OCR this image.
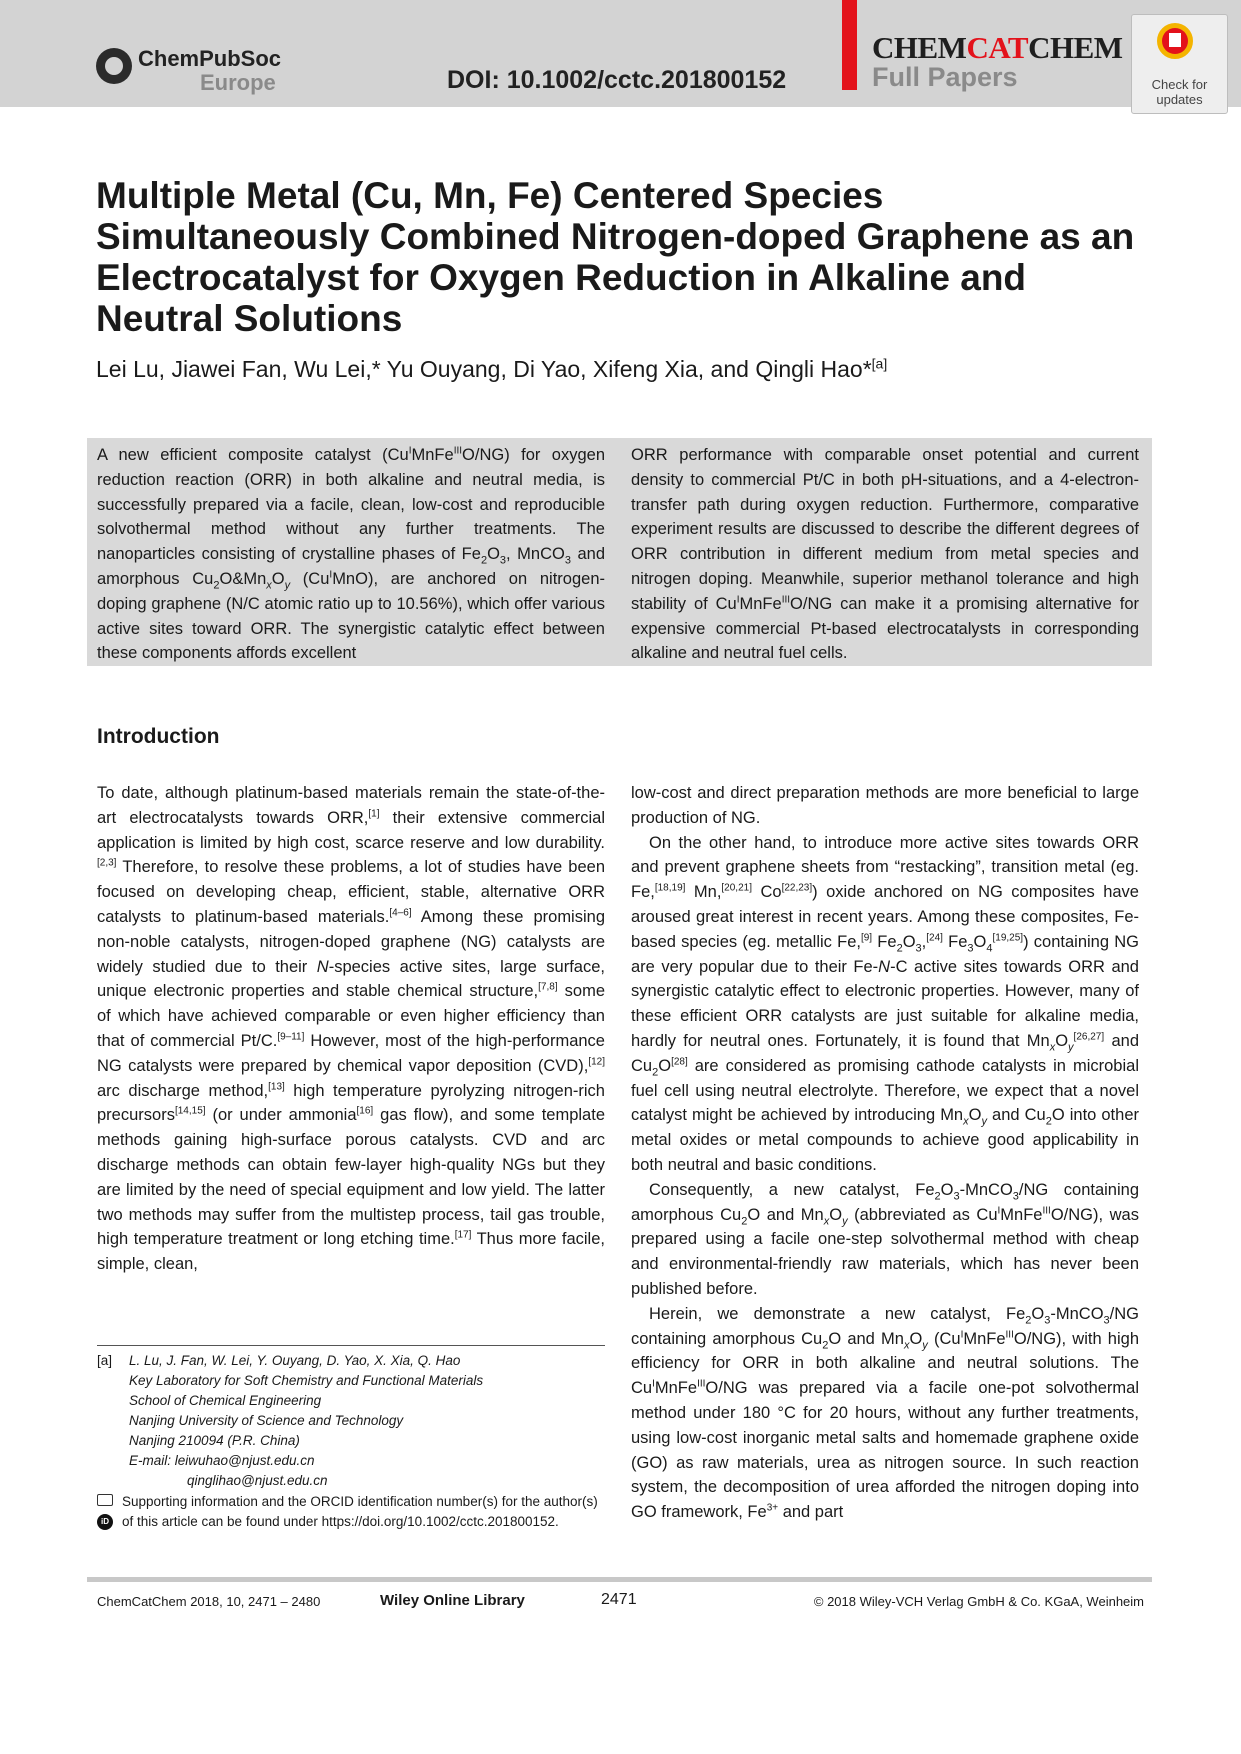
ChemPubSoc
Europe	DOI: 10.1002/cctc.201800152
CHEMCATCHEM
Full Papers	Check for updates
Multiple Metal (Cu, Mn, Fe) Centered Species Simultaneously Combined Nitrogen-doped Graphene as an Electrocatalyst for Oxygen Reduction in Alkaline and Neutral Solutions
Lei Lu, Jiawei Fan, Wu Lei,* Yu Ouyang, Di Yao, Xifeng Xia, and Qingli Hao*[a]

A new efficient composite catalyst $(Cu^IMnFe^{III}O/NG)$ for oxygen reduction reaction (ORR) in both alkaline and neutral media, is successfully prepared via a facile, clean, low-cost and reproducible solvothermal method without any further treatments. The nanoparticles consisting of crystalline phases of $Fe_2O_3$, MnCO$_3$ and amorphous $Cu_2O\&Mn_xO_y$ $(Cu^IMnO)$, are anchored on nitrogen-doping graphene (N/C atomic ratio up to 10.56%), which offer various active sites toward ORR. The synergistic catalytic effect between these components affords excellent

ORR performance with comparable onset potential and current density to commercial Pt/C in both pH-situations, and a 4-electron-transfer path during oxygen reduction. Furthermore, comparative experiment results are discussed to describe the different degrees of ORR contribution in different medium from metal species and nitrogen doping. Meanwhile, superior methanol tolerance and high stability of $Cu^IMnFe^{III}O/NG$ can make it a promising alternative for expensive commercial Pt-based electrocatalysts in corresponding alkaline and neutral fuel cells.

Introduction

To date, although platinum-based materials remain the state-of-the-art electrocatalysts towards ORR,[1] their extensive commercial application is limited by high cost, scarce reserve and low durability.[2,3] Therefore, to resolve these problems, a lot of studies have been focused on developing cheap, efficient, stable, alternative ORR catalysts to platinum-based materials.[4–6] Among these promising non-noble catalysts, nitrogen-doped graphene (NG) catalysts are widely studied due to their N-species active sites, large surface, unique electronic properties and stable chemical structure,[7,8] some of which have achieved comparable or even higher efficiency than that of commercial Pt/C.[9–11] However, most of the high-performance NG catalysts were prepared by chemical vapor deposition (CVD),[12] arc discharge method,[13] high temperature pyrolyzing nitrogen-rich precursors[14,15] (or under ammonia[16] gas flow), and some template methods gaining high-surface porous catalysts. CVD and arc discharge methods can obtain few-layer high-quality NGs but they are limited by the need of special equipment and low yield. The latter two methods may suffer from the multistep process, tail gas trouble, high temperature treatment or long etching time.[17] Thus more facile, simple, clean,

low-cost and direct preparation methods are more beneficial to large production of NG.

On the other hand, to introduce more active sites towards ORR and prevent graphene sheets from “restacking”, transition metal (eg. Fe,[18,19] Mn,[20,21] Co[22,23]) oxide anchored on NG composites have aroused great interest in recent years. Among these composites, Fe-based species (eg. metallic Fe,[9] $Fe_2O_3,[24]$ $Fe_3O_4[19,25]$) containing NG are very popular due to their Fe-N-C active sites towards ORR and synergistic catalytic effect to electronic properties. However, many of these efficient ORR catalysts are just suitable for alkaline media, hardly for neutral ones. Fortunately, it is found that $Mn_xO_y[26,27]$ and $Cu_2O[28]$ are considered as promising cathode catalysts in microbial fuel cell using neutral electrolyte. Therefore, we expect that a novel catalyst might be achieved by introducing $Mn_xO_y$ and $Cu_2O$ into other metal oxides or metal compounds to achieve good applicability in both neutral and basic conditions.

Consequently, a new catalyst, $Fe_2O_3-MnCO_3/NG$ containing amorphous $Cu_2O$ and $Mn_xO_y$ (abbreviated as $Cu^IMnFe^{III}O/NG$), was prepared using a facile one-step solvothermal method with cheap and environmental-friendly raw materials, which has never been published before.

Herein, we demonstrate a new catalyst, $Fe_2O_3-MnCO_3/NG$ containing amorphous $Cu_2O$ and $Mn_xO_y$ $(Cu^IMnFe^{III}O/NG)$, with high efficiency for ORR in both alkaline and neutral solutions. The $Cu^IMnFe^{III}O/NG$ was prepared via a facile one-pot solvothermal method under 180 °C for 20 hours, without any further treatments, using low-cost inorganic metal salts and homemade graphene oxide (GO) as raw materials, urea as nitrogen source. In such reaction system, the decomposition of urea afforded the nitrogen doping into GO framework, $Fe^{3+}$ and part

[a] L. Lu, J. Fan, W. Lei, Y. Ouyang, D. Yao, X. Xia, Q. Hao
Key Laboratory for Soft Chemistry and Functional Materials
School of Chemical Engineering
Nanjing University of Science and Technology
Nanjing 210094 (P.R. China)
E-mail: leiwuhao@njust.edu.cn
qinglihao@njust.edu.cn
iD
Supporting information and the ORCID identification number(s) for the author(s) of this article can be found under https://doi.org/10.1002/cctc.201800152.
ChemCatChem 2018, 10, 2471 – 2480	Wiley Online Library	2471	© 2018 Wiley-VCH Verlag GmbH & Co. KGaA, Weinheim
